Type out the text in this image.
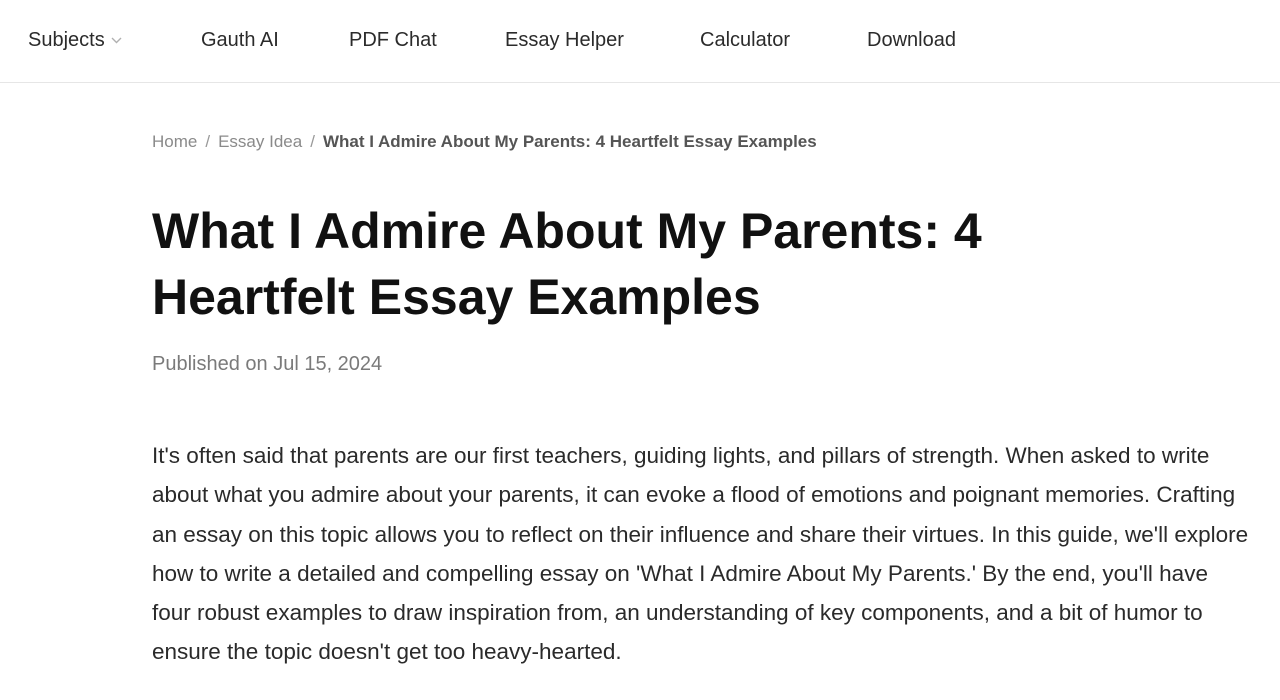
Subjects	Gauth AI	PDF Chat	Essay Helper	Calculator	Download
Home / Essay Idea / What I Admire About My Parents: 4 Heartfelt Essay Examples
What I Admire About My Parents: 4 Heartfelt Essay Examples
Published on Jul 15, 2024

It's often said that parents are our first teachers, guiding lights, and pillars of strength. When asked to write about what you admire about your parents, it can evoke a flood of emotions and poignant memories. Crafting an essay on this topic allows you to reflect on their influence and share their virtues. In this guide, we'll explore how to write a detailed and compelling essay on 'What I Admire About My Parents.' By the end, you'll have four robust examples to draw inspiration from, an understanding of key components, and a bit of humor to ensure the topic doesn't get too heavy-hearted.
